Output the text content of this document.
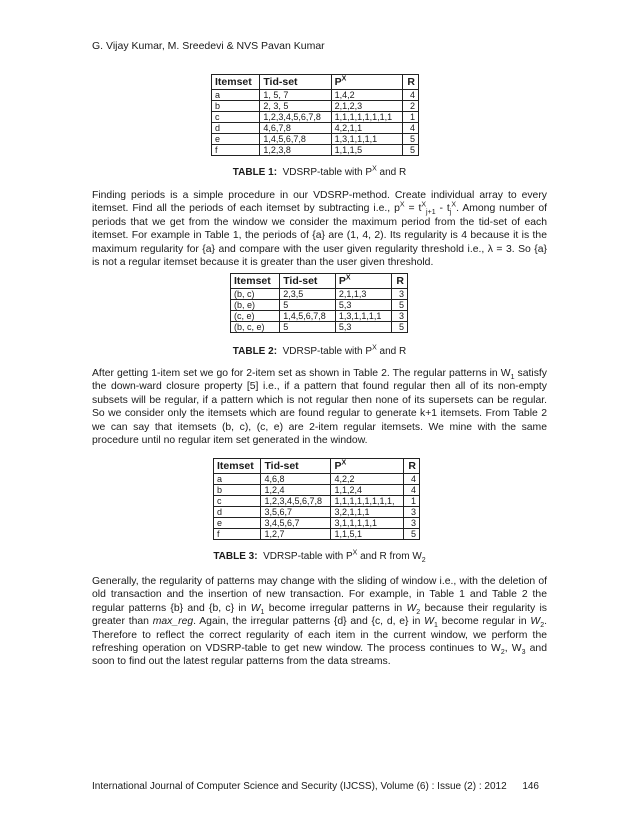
G. Vijay Kumar, M. Sreedevi & NVS Pavan Kumar
Itemset	Tid-set	$P^X$	R
a	1, 5, 7	1,4,2	4
b	2, 3, 5	2,1,2,3	2
c	1,2,3,4,5,6,7,8	1,1,1,1,1,1,1,1	1
d	4,6,7,8	4,2,1,1	4
e	1,4,5,6,7,8	1,3,1,1,1,1	5
f	1,2,3,8	1,1,1,5	5
TABLE 1: VDSRP-table with $P^X$ and R

Finding periods is a simple procedure in our VDSRP-method. Create individual array to every itemset. Find all the periods of each itemset by subtracting i.e., $p^X = t^X_{j+1} - t_j^X$. Among number of periods that we get from the window we consider the maximum period from the tid-set of each itemset. For example in Table 1, the periods of {a} are (1, 4, 2). Its regularity is 4 because it is the maximum regularity for {a} and compare with the user given regularity threshold i.e., λ = 3. So {a} is not a regular itemset because it is greater than the user given threshold.

Itemset	Tid-set	$P^X$	R
(b, c)	2,3,5	2,1,1,3	3
(b, e)	5	5,3	5
(c, e)	1,4,5,6,7,8	1,3,1,1,1,1	3
(b, c, e)	5	5,3	5
TABLE 2: VDRSP-table with $P^X$ and R

After getting 1-item set we go for 2-item set as shown in Table 2. The regular patterns in $W_1$ satisfy the down-ward closure property [5] i.e., if a pattern that found regular then all of its non-empty subsets will be regular, if a pattern which is not regular then none of its supersets can be regular. So we consider only the itemsets which are found regular to generate k+1 itemsets. From Table 2 we can say that itemsets (b, c), (c, e) are 2-item regular itemsets. We mine with the same procedure until no regular item set generated in the window.

Itemset	Tid-set	$P^X$	R
a	4,6,8	4,2,2	4
b	1,2,4	1,1,2,4	4
c	1,2,3,4,5,6,7,8	1,1,1,1,1,1,1,1,	1
d	3,5,6,7	3,2,1,1,1	3
e	3,4,5,6,7	3,1,1,1,1,1	3
f	1,2,7	1,1,5,1	5
TABLE 3: VDRSP-table with $P^X$ and R from $W_2$

Generally, the regularity of patterns may change with the sliding of window i.e., with the deletion of old transaction and the insertion of new transaction. For example, in Table 1 and Table 2 the regular patterns {b} and {b, c} in $W_1$ become irregular patterns in $W_2$ because their regularity is greater than max_reg. Again, the irregular patterns {d} and {c, d, e} in $W_1$ become regular in $W_2$. Therefore to reflect the correct regularity of each item in the current window, we perform the refreshing operation on VDSRP-table to get new window. The process continues to $W_2$, $W_3$ and soon to find out the latest regular patterns from the data streams.

International Journal of Computer Science and Security (IJCSS), Volume (6) : Issue (2) : 2012 146
